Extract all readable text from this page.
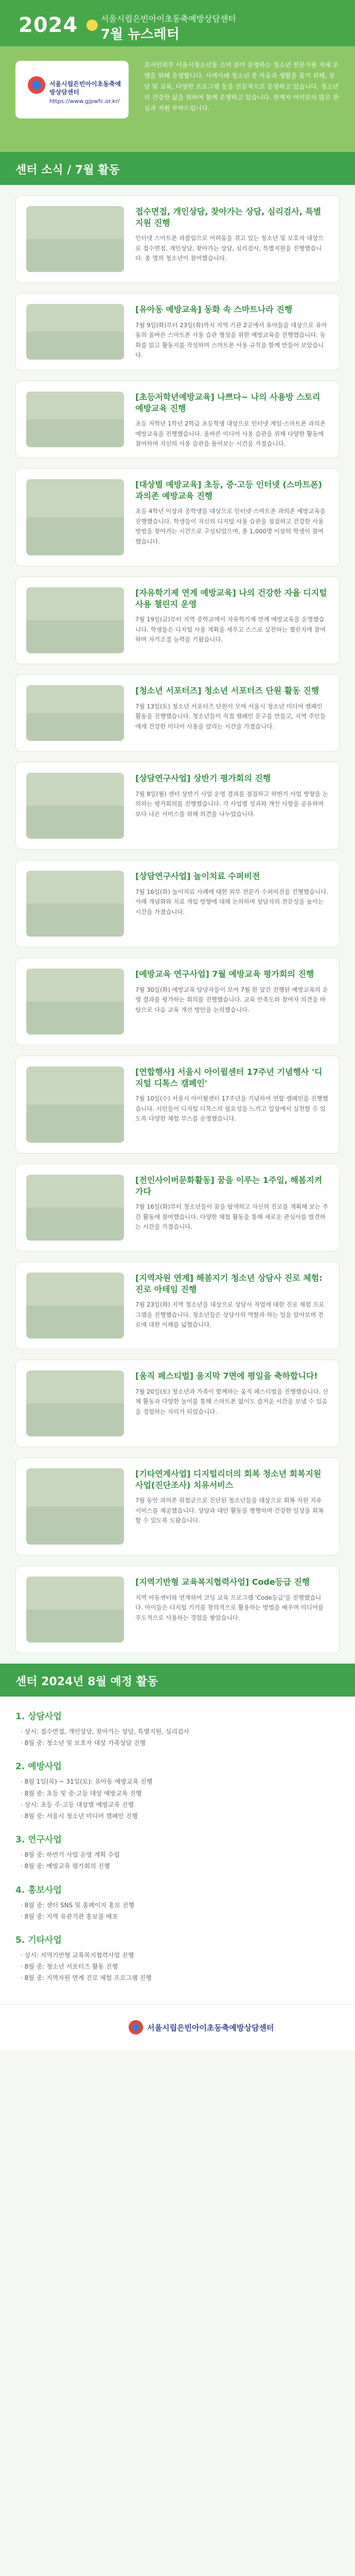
2024	서울시립은빈아이초동축예방상담센터
7월 뉴스레터
서울시립은빈아이초동축예방상담센터
https://www.gjpwfc.or.kr/
초서민외부 서울시청소년동 소비 분야 운영하는 청소년 전문지원 자체 운영을 위해 운영합니다. 사례사례 청소년 중 마음과 생활을 돕기 위해, 상담 및 교육, 다양한 프로그램 등을 전문적으로 운영하고 있습니다. 청소년의 건강한 삶을 위하여 함께 운영하고 있습니다. 관계자 여러분의 많은 관심과 지원 부탁드립니다.
센터 소식 / 7월 활동
접수면접, 개인상담, 찾아가는 상담, 심리검사, 특별지원 진행
인터넷 스마트폰 과몰입으로 어려움을 겪고 있는 청소년 및 보호자 대상으로 접수면접, 개인상담, 찾아가는 상담, 심리검사, 특별지원을 진행했습니다. 총 명의 청소년이 참여했습니다.
[유아동 예방교육] 동화 속 스마트나라 진행
7월 9일(화)부터 23일(화)까지 지역 기관 2곳에서 유아들을 대상으로 유아동의 올바른 스마트폰 사용 습관 형성을 위한 예방교육을 진행했습니다. 동화를 읽고 활동지를 작성하며 스마트폰 사용 규칙을 함께 만들어 보았습니다.
[초등저학년예방교육] 나쁘다~ 나의 사용방 스토리 예방교육 진행
초등 저학년 1학년 2학급 초등학생 대상으로 인터넷 게임·스마트폰 과의존 예방교육을 진행했습니다. 올바른 미디어 사용 습관을 위해 다양한 활동에 참여하며 자신의 사용 습관을 돌아보는 시간을 가졌습니다.
[대상별 예방교육] 초등, 중·고등 인터넷 (스마트폰)과의존 예방교육 진행
초등 4학년 이상과 중학생을 대상으로 인터넷·스마트폰 과의존 예방교육을 진행했습니다. 학생들이 자신의 디지털 사용 습관을 점검하고 건강한 사용 방법을 찾아가는 시간으로 구성되었으며, 총 1,000명 이상의 학생이 참여했습니다.
[자유학기제 연계 예방교육] 나의 건강한 자율 디지털 사용 챌린지 운영
7월 19일(금)부터 지역 중학교에서 자유학기제 연계 예방교육을 운영했습니다. 학생들은 디지털 사용 계획을 세우고 스스로 실천하는 챌린지에 참여하며 자기조절 능력을 키웠습니다.
[청소년 서포터즈] 청소년 서포터즈 단원 활동 진행
7월 13일(토) 청소년 서포터즈 단원이 모여 서울시 청소년 미디어 캠페인 활동을 진행했습니다. 청소년들이 직접 캠페인 문구를 만들고, 지역 주민들에게 건강한 미디어 사용을 알리는 시간을 가졌습니다.
[상담연구사업] 상반기 평가회의 진행
7월 8일(월) 센터 상반기 사업 운영 결과를 점검하고 하반기 사업 방향을 논의하는 평가회의를 진행했습니다. 각 사업별 성과와 개선 사항을 공유하며 보다 나은 서비스를 위해 의견을 나누었습니다.
[상담연구사업] 놀이치료 수퍼비전
7월 16일(화) 놀이치료 사례에 대한 외부 전문가 수퍼비전을 진행했습니다. 사례 개념화와 치료 개입 방향에 대해 논의하며 상담자의 전문성을 높이는 시간을 가졌습니다.
[예방교육 연구사업] 7월 예방교육 평가회의 진행
7월 30일(화) 예방교육 담당자들이 모여 7월 한 달간 진행된 예방교육의 운영 결과를 평가하는 회의를 진행했습니다. 교육 만족도와 참여자 의견을 바탕으로 다음 교육 개선 방안을 논의했습니다.
[연합행사] 서울시 아이윌센터 17주년 기념행사 '디지털 디톡스 캠페인'
7월 10일(수) 서울시 아이윌센터 17주년을 기념하여 연합 캠페인을 진행했습니다. 시민들이 디지털 디톡스의 필요성을 느끼고 일상에서 실천할 수 있도록 다양한 체험 부스를 운영했습니다.
[전인사이버문화활동] 꿈을 이루는 1주일, 해봄지켜 가다
7월 16일(화)부터 청소년들이 꿈을 탐색하고 자신의 진로를 계획해 보는 주간 활동에 참여했습니다. 다양한 체험 활동을 통해 새로운 관심사를 발견하는 시간을 가졌습니다.
[지역자원 연계] 해봄지기 청소년 상담사 진로 체험: 진로 아테임 진행
7월 23일(화) 지역 청소년을 대상으로 상담사 직업에 대한 진로 체험 프로그램을 진행했습니다. 청소년들은 상담사의 역할과 하는 일을 알아보며 진로에 대한 이해를 넓혔습니다.
[움직 페스티벌] 움지막 7면에 평일을 축하합니다!
7월 20일(토) 청소년과 가족이 함께하는 움직 페스티벌을 진행했습니다. 신체 활동과 다양한 놀이를 통해 스마트폰 없이도 즐거운 시간을 보낼 수 있음을 경험하는 자리가 되었습니다.
[기타연계사업] 디지털리더의 회복 청소년 회복지원 사업(진단조사) 치유서비스
7월 동안 과의존 위험군으로 진단된 청소년들을 대상으로 회복 지원 치유 서비스를 제공했습니다. 상담과 대안 활동을 병행하며 건강한 일상을 회복할 수 있도록 도왔습니다.
[지역기반형 교육복지협력사업] Code등급 진행
지역 아동센터와 연계하여 코딩 교육 프로그램 'Code등급'을 진행했습니다. 아이들은 디지털 기기를 창의적으로 활용하는 방법을 배우며 미디어를 주도적으로 사용하는 경험을 쌓았습니다.
센터 2024년 8월 예정 활동
1. 상담사업
· 상시: 접수면접, 개인상담, 찾아가는 상담, 특별지원, 심리검사
· 8월 중: 청소년 및 보호자 대상 가족상담 진행
2. 예방사업
· 8월 1일(목) ~ 31일(토): 유아동 예방교육 진행
· 8월 중: 초등 및 중·고등 대상 예방교육 진행
· 상시: 초등 주·고등 대상별 예방교육 진행
· 8월 중: 서울시 청소년 미디어 캠페인 진행
3. 연구사업
· 8월 중: 하반기 사업 운영 계획 수립
· 8월 중: 예방교육 평가회의 진행
4. 홍보사업
· 8월 중: 센터 SNS 및 홈페이지 홍보 진행
· 8월 중: 지역 유관기관 홍보물 배포
5. 기타사업
· 상시: 지역기반형 교육복지협력사업 진행
· 8월 중: 청소년 서포터즈 활동 진행
· 8월 중: 지역자원 연계 진로 체험 프로그램 진행
서울시립은빈아이초동축예방상담센터
